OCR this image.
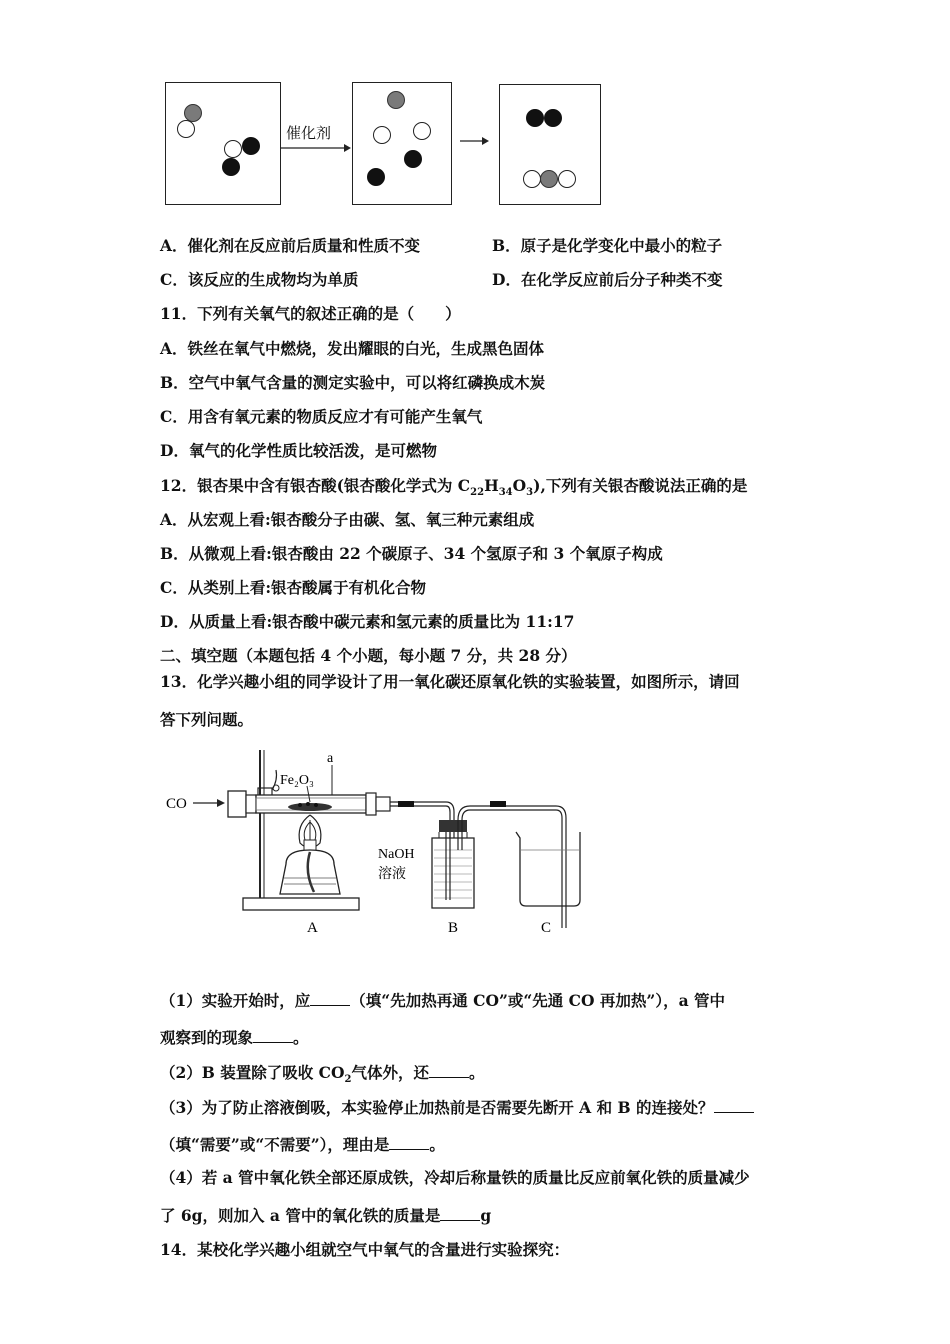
催化剂
A．催化剂在反应前后质量和性质不变	B．原子是化学变化中最小的粒子
C．该反应的生成物均为单质	D．在化学反应前后分子种类不变
11．下列有关氧气的叙述正确的是（　　）
A．铁丝在氧气中燃烧，发出耀眼的白光，生成黑色固体
B．空气中氧气含量的测定实验中，可以将红磷换成木炭
C．用含有氧元素的物质反应才有可能产生氧气
D．氧气的化学性质比较活泼，是可燃物
12．银杏果中含有银杏酸(银杏酸化学式为 $C_{22}H_{34}O_3$),下列有关银杏酸说法正确的是
A．从宏观上看:银杏酸分子由碳、氢、氧三种元素组成
B．从微观上看:银杏酸由 22 个碳原子、34 个氢原子和 3 个氧原子构成
C．从类别上看:银杏酸属于有机化合物
D．从质量上看:银杏酸中碳元素和氢元素的质量比为 11:17
二、填空题（本题包括 4 个小题，每小题 7 分，共 28 分）
13．化学兴趣小组的同学设计了用一氧化碳还原氧化铁的实验装置，如图所示，请回
答下列问题。
CO
Fe₂O₃
a
NaOH
溶液
A	B	C
（1）实验开始时，应	（填“先加热再通 CO”或“先通 CO 再加热”），a 管中
观察到的现象	。
（2）B 装置除了吸收 $CO_2$气体外，还	。
（3）为了防止溶液倒吸，本实验停止加热前是否需要先断开 A 和 B 的连接处？
（填“需要”或“不需要”），理由是	。
（4）若 a 管中氧化铁全部还原成铁，冷却后称量铁的质量比反应前氧化铁的质量减少
了 6g，则加入 a 管中的氧化铁的质量是	g
14．某校化学兴趣小组就空气中氧气的含量进行实验探究：
